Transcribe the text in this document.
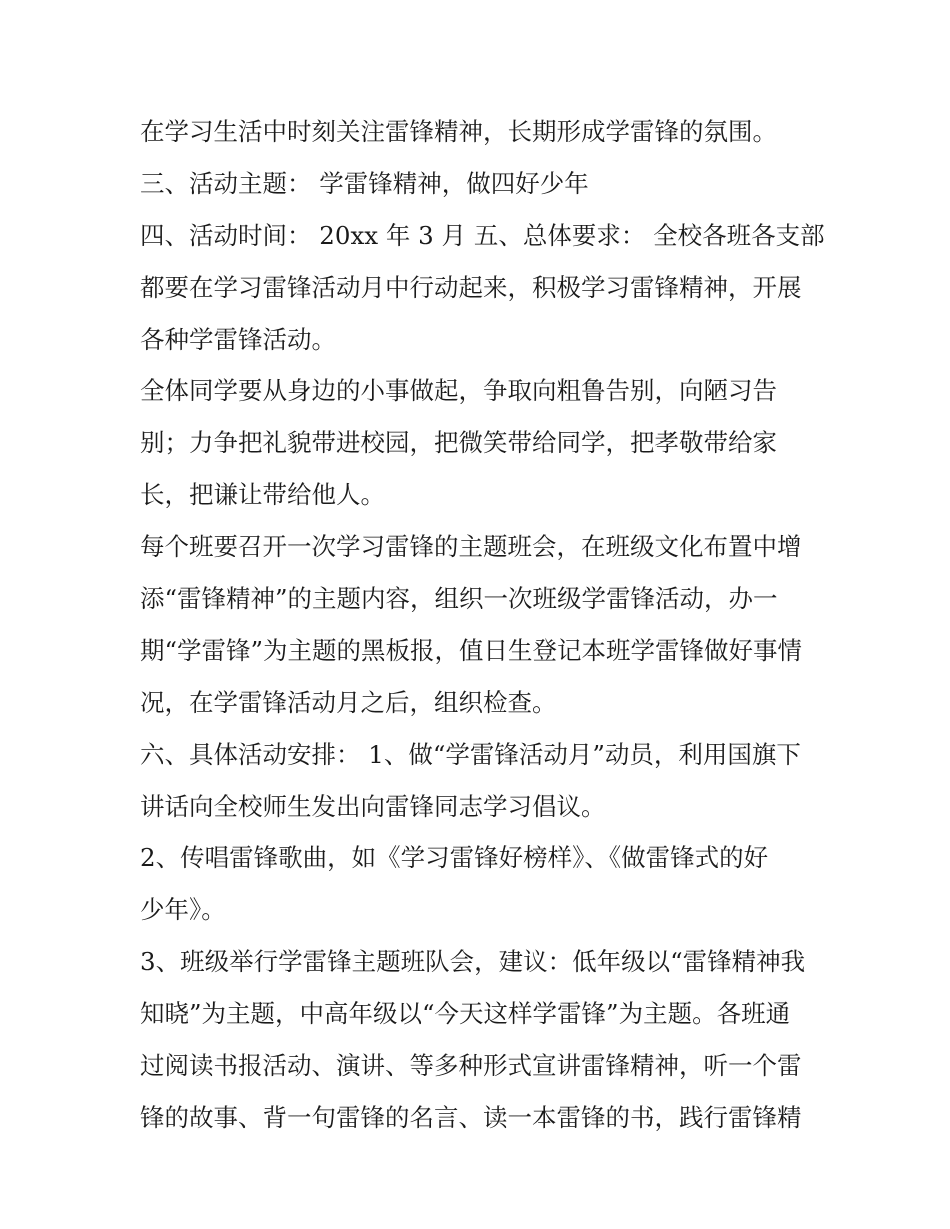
在学习生活中时刻关注雷锋精神，长期形成学雷锋的氛围。
三、活动主题： 学雷锋精神，做四好少年
四、活动时间： 20xx 年 3 月 五、总体要求： 全校各班各支部
都要在学习雷锋活动月中行动起来，积极学习雷锋精神，开展
各种学雷锋活动。
全体同学要从身边的小事做起，争取向粗鲁告别，向陋习告
别；力争把礼貌带进校园，把微笑带给同学，把孝敬带给家
长，把谦让带给他人。
每个班要召开一次学习雷锋的主题班会，在班级文化布置中增
添“雷锋精神”的主题内容，组织一次班级学雷锋活动，办一
期“学雷锋”为主题的黑板报，值日生登记本班学雷锋做好事情
况，在学雷锋活动月之后，组织检查。
六、具体活动安排： 1、做“学雷锋活动月”动员，利用国旗下
讲话向全校师生发出向雷锋同志学习倡议。
2、传唱雷锋歌曲，如《学习雷锋好榜样》、《做雷锋式的好
少年》。
3、班级举行学雷锋主题班队会，建议：低年级以“雷锋精神我
知晓”为主题，中高年级以“今天这样学雷锋”为主题。各班通
过阅读书报活动、演讲、等多种形式宣讲雷锋精神，听一个雷
锋的故事、背一句雷锋的名言、读一本雷锋的书，践行雷锋精
